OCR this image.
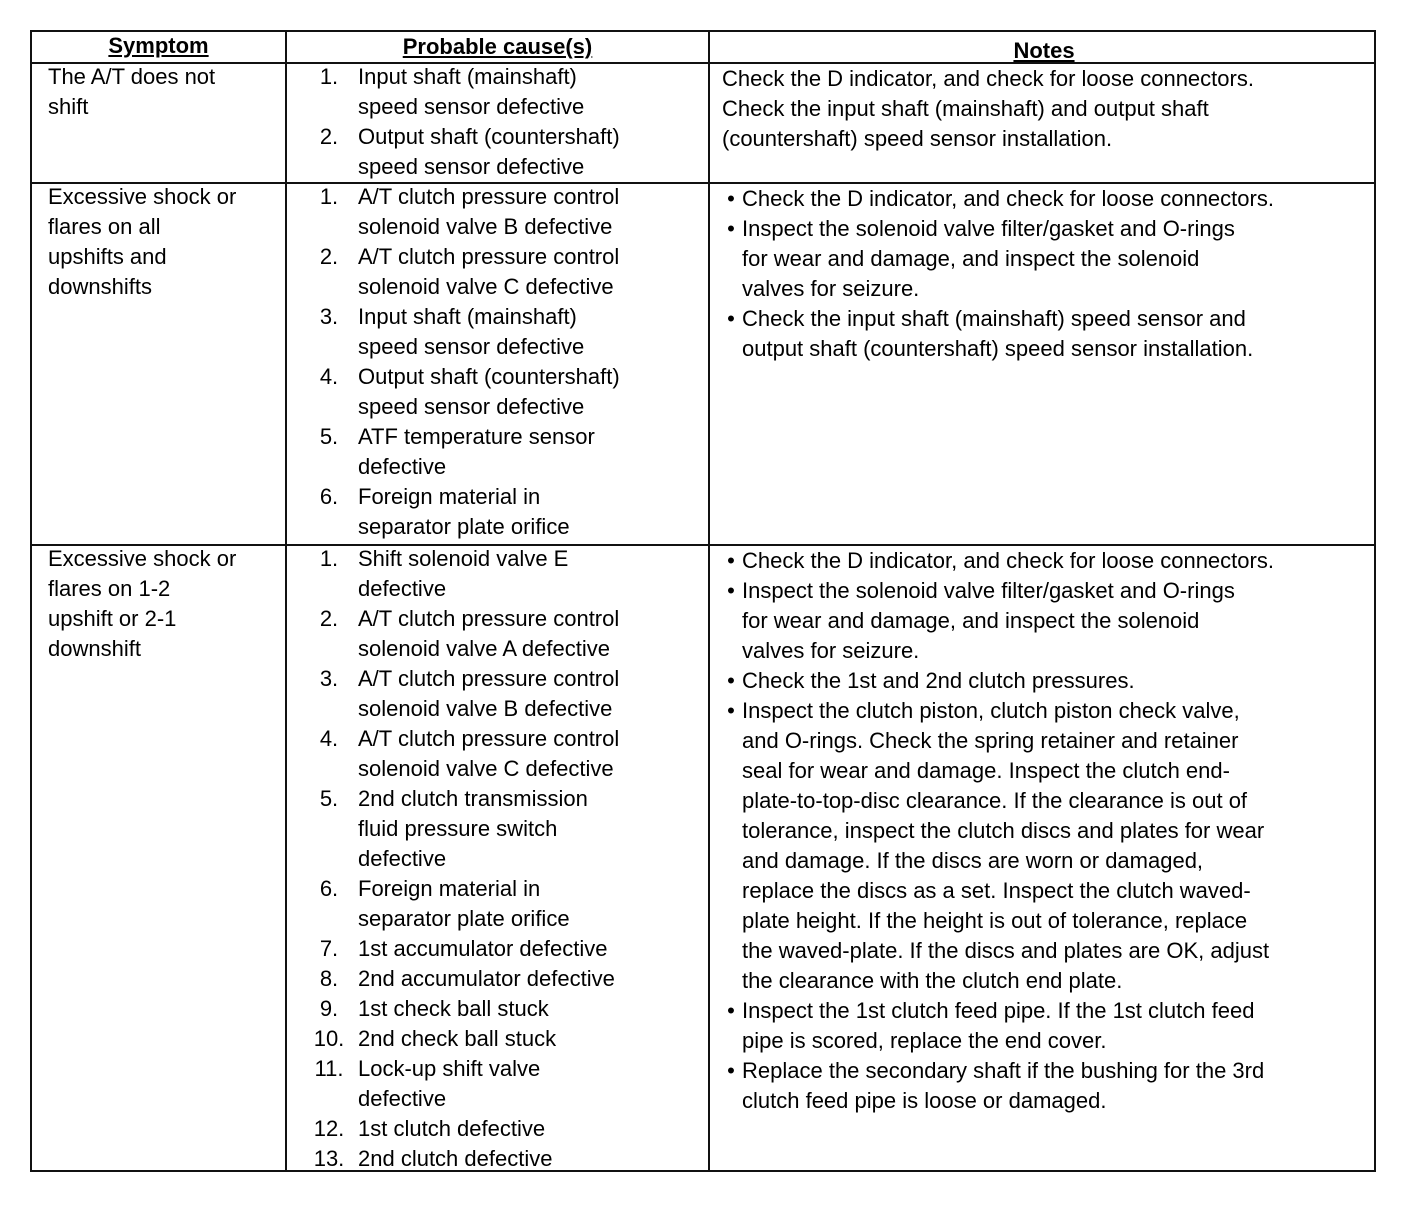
Symptom	Probable cause(s)	Notes
The A/T does not
shift
1. Input shaft (mainshaft)
speed sensor defective
2. Output shaft (countershaft)
speed sensor defective
Check the D indicator, and check for loose connectors.
Check the input shaft (mainshaft) and output shaft
(countershaft) speed sensor installation.
Excessive shock or
flares on all
upshifts and
downshifts
1. A/T clutch pressure control
solenoid valve B defective
2. A/T clutch pressure control
solenoid valve C defective
3. Input shaft (mainshaft)
speed sensor defective
4. Output shaft (countershaft)
speed sensor defective
5. ATF temperature sensor
defective
6. Foreign material in
separator plate orifice
• Check the D indicator, and check for loose connectors.
• Inspect the solenoid valve filter/gasket and O-rings
for wear and damage, and inspect the solenoid
valves for seizure.
• Check the input shaft (mainshaft) speed sensor and
output shaft (countershaft) speed sensor installation.
Excessive shock or
flares on 1-2
upshift or 2-1
downshift
1. Shift solenoid valve E
defective
2. A/T clutch pressure control
solenoid valve A defective
3. A/T clutch pressure control
solenoid valve B defective
4. A/T clutch pressure control
solenoid valve C defective
5. 2nd clutch transmission
fluid pressure switch
defective
6. Foreign material in
separator plate orifice
7. 1st accumulator defective
8. 2nd accumulator defective
9. 1st check ball stuck
10. 2nd check ball stuck
11. Lock-up shift valve
defective
12. 1st clutch defective
13. 2nd clutch defective
• Check the D indicator, and check for loose connectors.
• Inspect the solenoid valve filter/gasket and O-rings
for wear and damage, and inspect the solenoid
valves for seizure.
• Check the 1st and 2nd clutch pressures.
• Inspect the clutch piston, clutch piston check valve,
and O-rings. Check the spring retainer and retainer
seal for wear and damage. Inspect the clutch end-
plate-to-top-disc clearance. If the clearance is out of
tolerance, inspect the clutch discs and plates for wear
and damage. If the discs are worn or damaged,
replace the discs as a set. Inspect the clutch waved-
plate height. If the height is out of tolerance, replace
the waved-plate. If the discs and plates are OK, adjust
the clearance with the clutch end plate.
• Inspect the 1st clutch feed pipe. If the 1st clutch feed
pipe is scored, replace the end cover.
• Replace the secondary shaft if the bushing for the 3rd
clutch feed pipe is loose or damaged.
